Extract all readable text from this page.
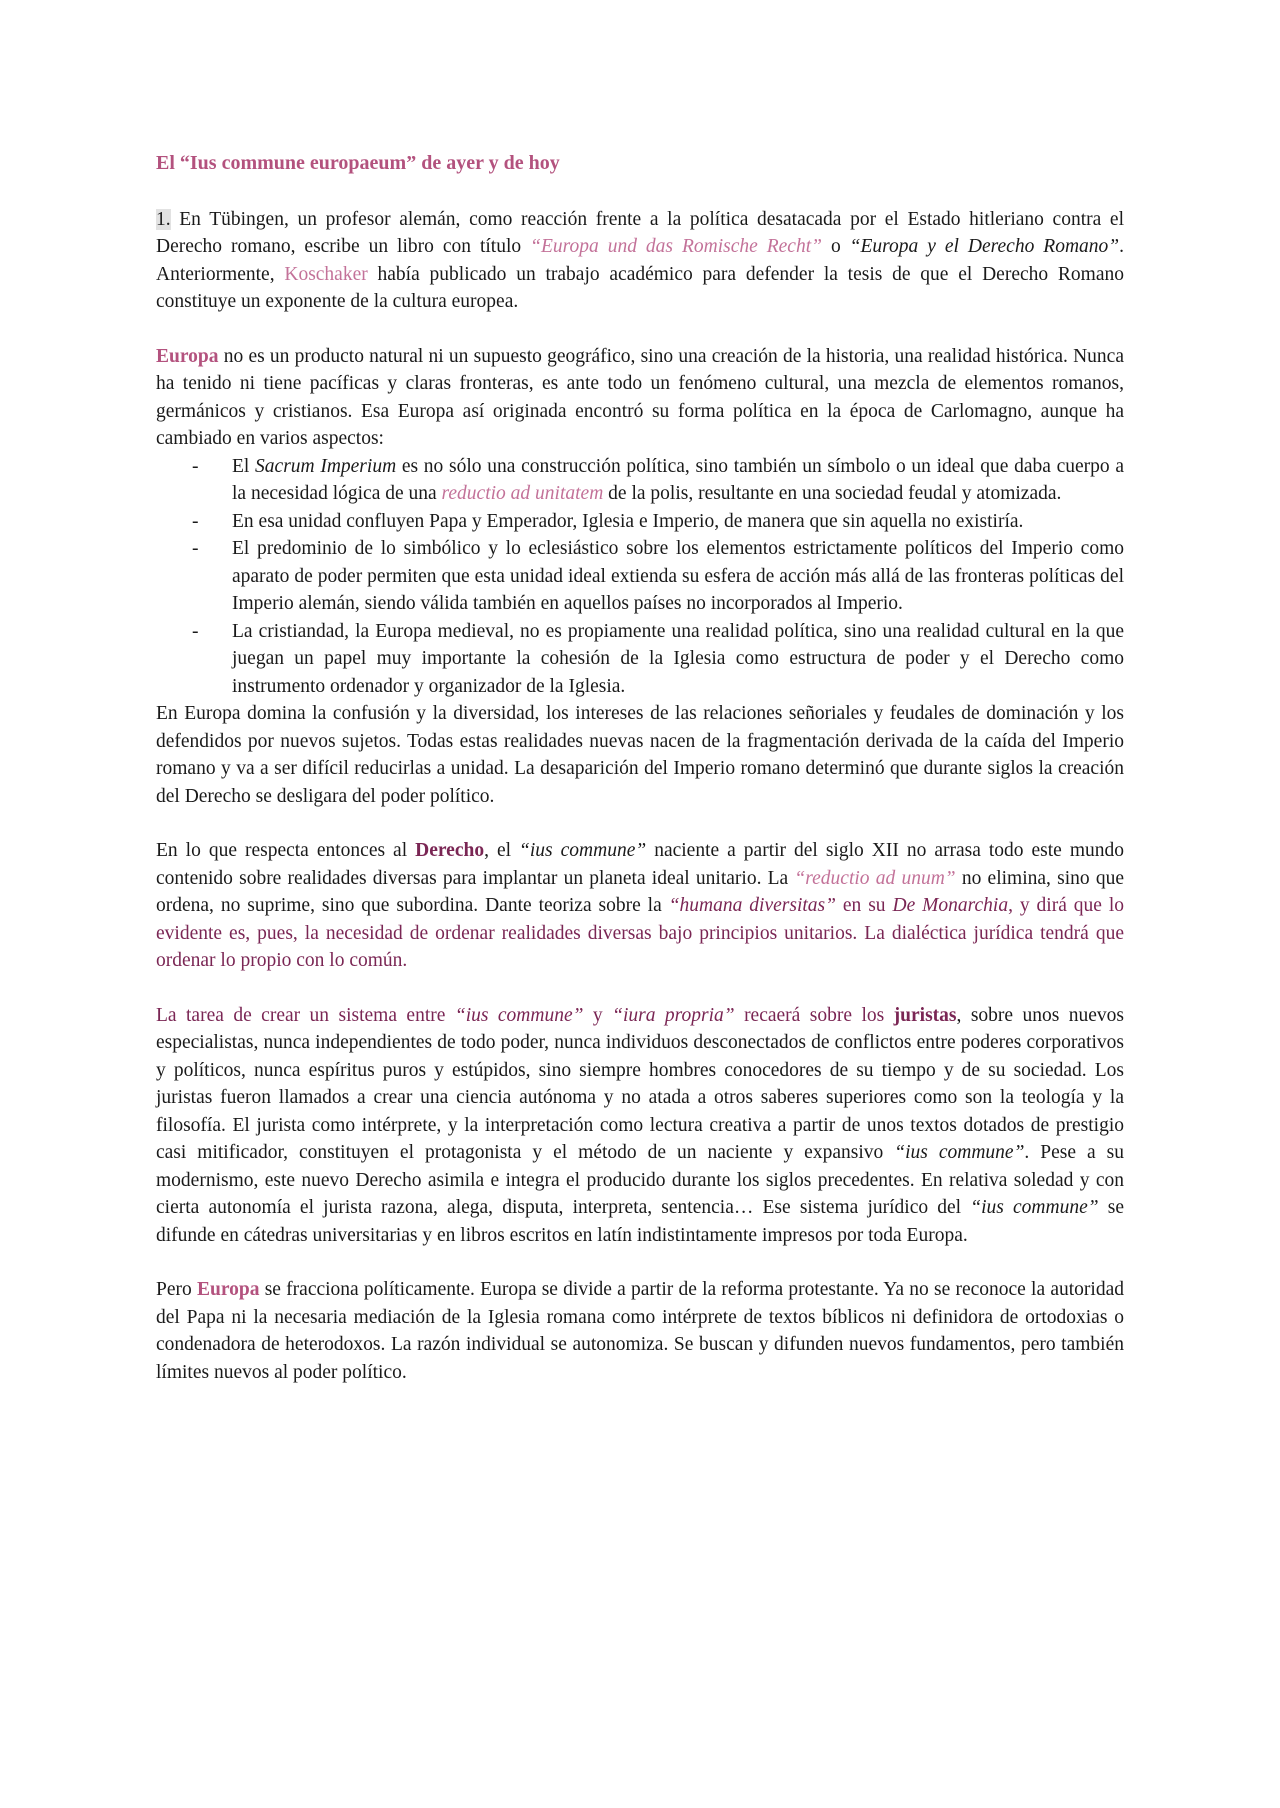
El “Ius commune europaeum” de ayer y de hoy

1. En Tübingen, un profesor alemán, como reacción frente a la política desatacada por el Estado hitleriano contra el Derecho romano, escribe un libro con título “Europa und das Romische Recht” o “Europa y el Derecho Romano”. Anteriormente, Koschaker había publicado un trabajo académico para defender la tesis de que el Derecho Romano constituye un exponente de la cultura europea.

Europa no es un producto natural ni un supuesto geográfico, sino una creación de la historia, una realidad histórica. Nunca ha tenido ni tiene pacíficas y claras fronteras, es ante todo un fenómeno cultural, una mezcla de elementos romanos, germánicos y cristianos. Esa Europa así originada encontró su forma política en la época de Carlomagno, aunque ha cambiado en varios aspectos:

- El Sacrum Imperium es no sólo una construcción política, sino también un símbolo o un ideal que daba cuerpo a la necesidad lógica de una reductio ad unitatem de la polis, resultante en una sociedad feudal y atomizada.
- En esa unidad confluyen Papa y Emperador, Iglesia e Imperio, de manera que sin aquella no existiría.
- El predominio de lo simbólico y lo eclesiástico sobre los elementos estrictamente políticos del Imperio como aparato de poder permiten que esta unidad ideal extienda su esfera de acción más allá de las fronteras políticas del Imperio alemán, siendo válida también en aquellos países no incorporados al Imperio.
- La cristiandad, la Europa medieval, no es propiamente una realidad política, sino una realidad cultural en la que juegan un papel muy importante la cohesión de la Iglesia como estructura de poder y el Derecho como instrumento ordenador y organizador de la Iglesia.

En Europa domina la confusión y la diversidad, los intereses de las relaciones señoriales y feudales de dominación y los defendidos por nuevos sujetos. Todas estas realidades nuevas nacen de la fragmentación derivada de la caída del Imperio romano y va a ser difícil reducirlas a unidad. La desaparición del Imperio romano determinó que durante siglos la creación del Derecho se desligara del poder político.

En lo que respecta entonces al Derecho, el “ius commune” naciente a partir del siglo XII no arrasa todo este mundo contenido sobre realidades diversas para implantar un planeta ideal unitario. La “reductio ad unum” no elimina, sino que ordena, no suprime, sino que subordina. Dante teoriza sobre la “humana diversitas” en su De Monarchia, y dirá que lo evidente es, pues, la necesidad de ordenar realidades diversas bajo principios unitarios. La dialéctica jurídica tendrá que ordenar lo propio con lo común.

La tarea de crear un sistema entre “ius commune” y “iura propria” recaerá sobre los juristas, sobre unos nuevos especialistas, nunca independientes de todo poder, nunca individuos desconectados de conflictos entre poderes corporativos y políticos, nunca espíritus puros y estúpidos, sino siempre hombres conocedores de su tiempo y de su sociedad. Los juristas fueron llamados a crear una ciencia autónoma y no atada a otros saberes superiores como son la teología y la filosofía. El jurista como intérprete, y la interpretación como lectura creativa a partir de unos textos dotados de prestigio casi mitificador, constituyen el protagonista y el método de un naciente y expansivo “ius commune”. Pese a su modernismo, este nuevo Derecho asimila e integra el producido durante los siglos precedentes. En relativa soledad y con cierta autonomía el jurista razona, alega, disputa, interpreta, sentencia… Ese sistema jurídico del “ius commune” se difunde en cátedras universitarias y en libros escritos en latín indistintamente impresos por toda Europa.

Pero Europa se fracciona políticamente. Europa se divide a partir de la reforma protestante. Ya no se reconoce la autoridad del Papa ni la necesaria mediación de la Iglesia romana como intérprete de textos bíblicos ni definidora de ortodoxias o condenadora de heterodoxos. La razón individual se autonomiza. Se buscan y difunden nuevos fundamentos, pero también límites nuevos al poder político.
